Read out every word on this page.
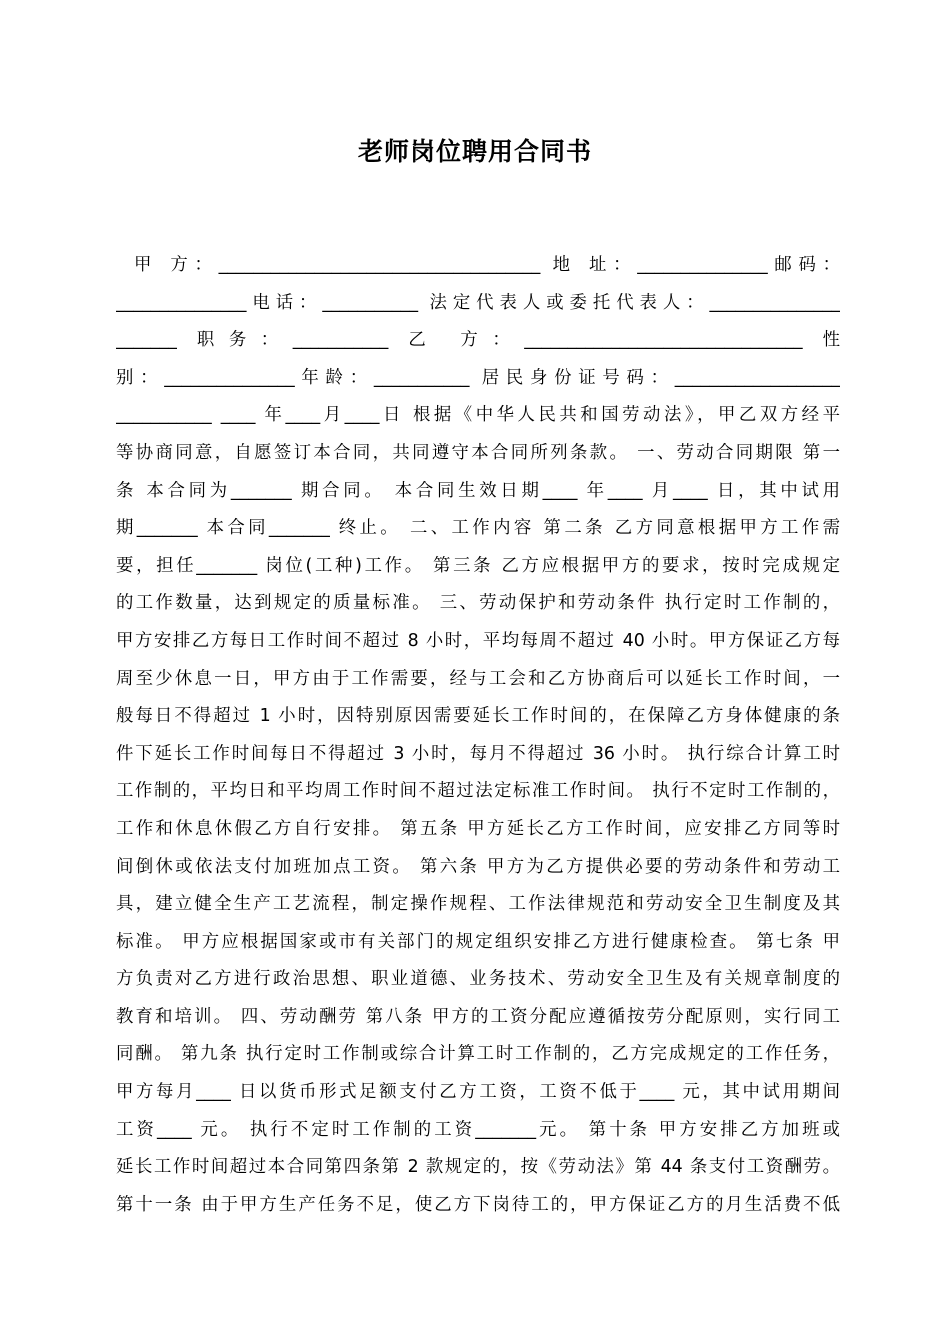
老师岗位聘用合同书
甲 方：_____________________________________ 地 址：_______________邮码：
_______________电话：___________ 法定代表人或委托代表人：_______________
_______ 职务：___________ 乙 方：________________________________ 性
别：_______________年龄：___________ 居民身份证号码：___________________
___________ ____ 年____月____日 根据《中华人民共和国劳动法》，甲乙双方经平
等协商同意，自愿签订本合同，共同遵守本合同所列条款。 一、劳动合同期限 第一
条 本合同为_______ 期合同。 本合同生效日期____ 年____ 月____ 日，其中试用
期_______ 本合同_______ 终止。 二、工作内容 第二条 乙方同意根据甲方工作需
要，担任_______ 岗位(工种)工作。 第三条 乙方应根据甲方的要求，按时完成规定
的工作数量，达到规定的质量标准。 三、劳动保护和劳动条件 执行定时工作制的，
甲方安排乙方每日工作时间不超过 8 小时，平均每周不超过 40 小时。甲方保证乙方每
周至少休息一日，甲方由于工作需要，经与工会和乙方协商后可以延长工作时间，一
般每日不得超过 1 小时，因特别原因需要延长工作时间的，在保障乙方身体健康的条
件下延长工作时间每日不得超过 3 小时，每月不得超过 36 小时。 执行综合计算工时
工作制的，平均日和平均周工作时间不超过法定标准工作时间。 执行不定时工作制的，
工作和休息休假乙方自行安排。 第五条 甲方延长乙方工作时间，应安排乙方同等时
间倒休或依法支付加班加点工资。 第六条 甲方为乙方提供必要的劳动条件和劳动工
具，建立健全生产工艺流程，制定操作规程、工作法律规范和劳动安全卫生制度及其
标准。 甲方应根据国家或市有关部门的规定组织安排乙方进行健康检查。 第七条 甲
方负责对乙方进行政治思想、职业道德、业务技术、劳动安全卫生及有关规章制度的
教育和培训。 四、劳动酬劳 第八条 甲方的工资分配应遵循按劳分配原则，实行同工
同酬。 第九条 执行定时工作制或综合计算工时工作制的，乙方完成规定的工作任务，
甲方每月____ 日以货币形式足额支付乙方工资，工资不低于____ 元，其中试用期间
工资____ 元。 执行不定时工作制的工资_______元。 第十条 甲方安排乙方加班或
延长工作时间超过本合同第四条第 2 款规定的，按《劳动法》第 44 条支付工资酬劳。
第十一条 由于甲方生产任务不足，使乙方下岗待工的，甲方保证乙方的月生活费不低
